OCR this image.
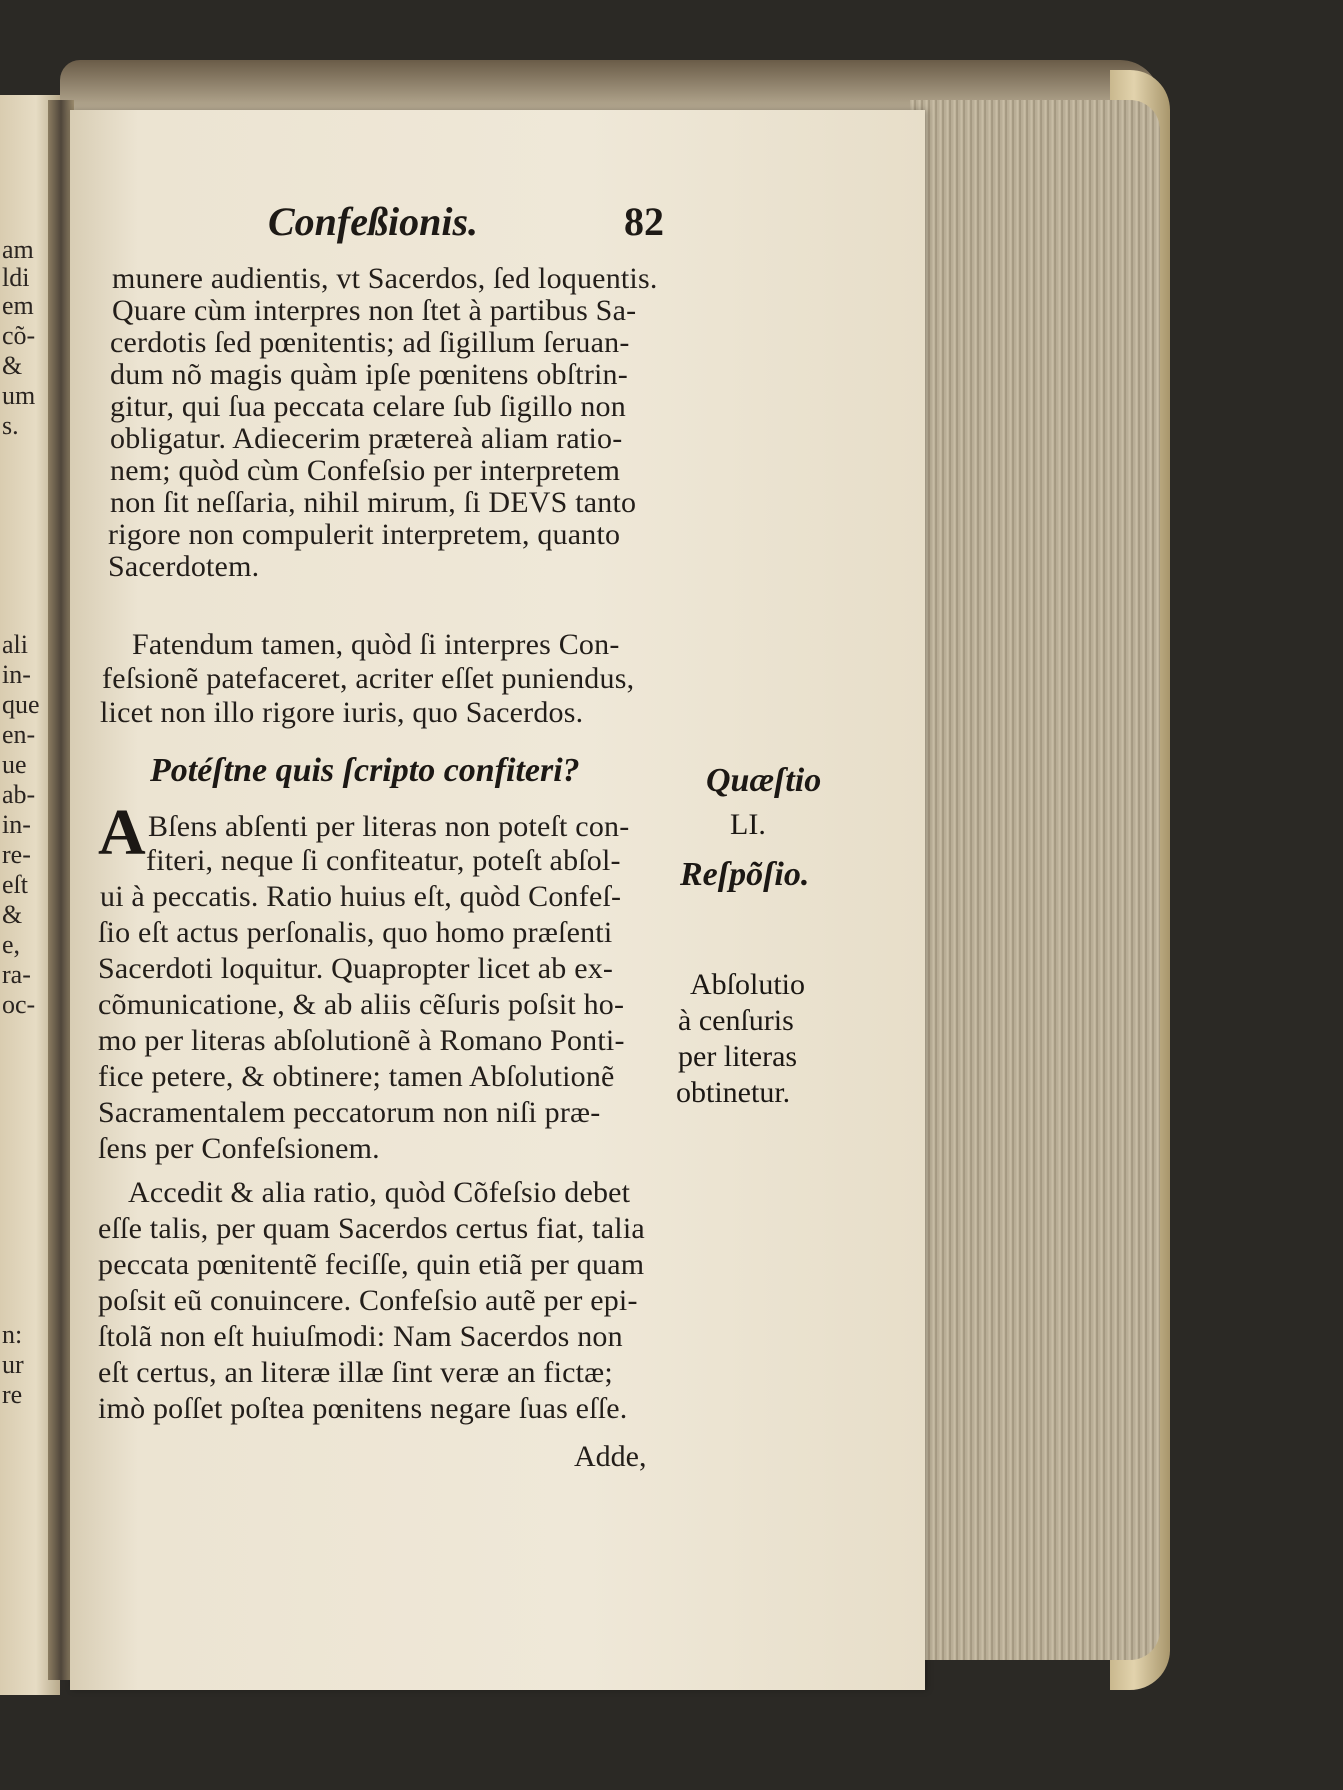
am
ldi
em
cõ-
&
um
s.
ali
in-
que
en-
ue
ab-
in-
re-
eſt
&
e,
ra-
oc-
n:
ur
re
Confeßionis.	82
munere audientis, vt Sacerdos, ſed loquentis.
Quare cùm interpres non ſtet à partibus Sa-
cerdotis ſed pœnitentis; ad ſigillum ſeruan-
dum nõ magis quàm ipſe pœnitens obſtrin-
gitur, qui ſua peccata celare ſub ſigillo non
obligatur. Adiecerim prætereà aliam ratio-
nem; quòd cùm Confeſsio per interpretem
non ſit neſſaria, nihil mirum, ſi DEVS tanto
rigore non compulerit interpretem, quanto
Sacerdotem.
Fatendum tamen, quòd ſi interpres Con-
feſsionẽ patefaceret, acriter eſſet puniendus,
licet non illo rigore iuris, quo Sacerdos.
Potéſtne quis ſcripto confiteri?
A Bſens abſenti per literas non poteſt con-
fiteri, neque ſi confiteatur, poteſt abſol-
ui à peccatis. Ratio huius eſt, quòd Confeſ-
ſio eſt actus perſonalis, quo homo præſenti
Sacerdoti loquitur. Quapropter licet ab ex-
cõmunicatione, & ab aliis cẽſuris poſsit ho-
mo per literas abſolutionẽ à Romano Ponti-
fice petere, & obtinere; tamen Abſolutionẽ
Sacramentalem peccatorum non niſi præ-
ſens per Confeſsionem.
Accedit & alia ratio, quòd Cõfeſsio debet
eſſe talis, per quam Sacerdos certus fiat, talia
peccata pœnitentẽ feciſſe, quin etiã per quam
poſsit eũ conuincere. Confeſsio autẽ per epi-
ſtolã non eſt huiuſmodi: Nam Sacerdos non
eſt certus, an literæ illæ ſint veræ an fictæ;
imò poſſet poſtea pœnitens negare ſuas eſſe.
Adde,
Quæſtio
LI.
Reſpõſio.
Abſolutio
à cenſuris
per literas
obtinetur.
